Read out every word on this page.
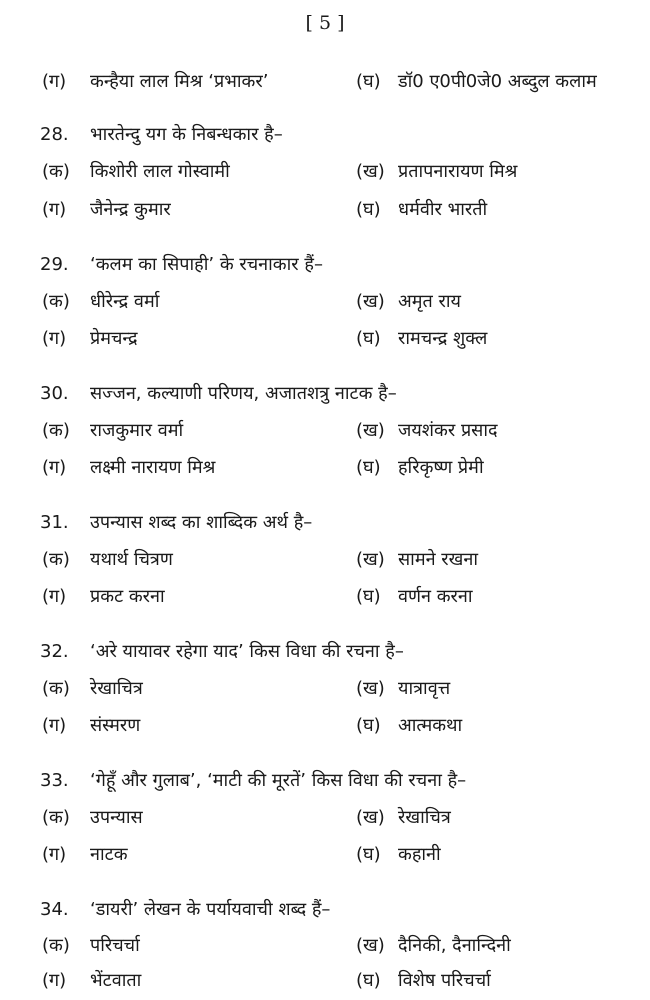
[ 5 ]
(ग) कन्हैया लाल मिश्र ‘प्रभाकर’	(घ) डॉ0 ए0पी0जे0 अब्दुल कलाम
28. भारतेन्दु यग के निबन्धकार है–
(क) किशोरी लाल गोस्वामी	(ख) प्रतापनारायण मिश्र
(ग) जैनेन्द्र कुमार	(घ) धर्मवीर भारती
29. ‘कलम का सिपाही’ के रचनाकार हैं–
(क) धीरेन्द्र वर्मा	(ख) अमृत राय
(ग) प्रेमचन्द्र	(घ) रामचन्द्र शुक्ल
30. सज्जन, कल्याणी परिणय, अजातशत्रु नाटक है–
(क) राजकुमार वर्मा	(ख) जयशंकर प्रसाद
(ग) लक्ष्मी नारायण मिश्र	(घ) हरिकृष्ण प्रेमी
31. उपन्यास शब्द का शाब्दिक अर्थ है–
(क) यथार्थ चित्रण	(ख) सामने रखना
(ग) प्रकट करना	(घ) वर्णन करना
32. ‘अरे यायावर रहेगा याद’ किस विधा की रचना है–
(क) रेखाचित्र	(ख) यात्रावृत्त
(ग) संस्मरण	(घ) आत्मकथा
33. ‘गेहूँ और गुलाब’, ‘माटी की मूरतें’ किस विधा की रचना है–
(क) उपन्यास	(ख) रेखाचित्र
(ग) नाटक	(घ) कहानी
34. ‘डायरी’ लेखन के पर्यायवाची शब्द हैं–
(क) परिचर्चा	(ख) दैनिकी, दैनान्दिनी
(ग) भेंटवाता	(घ) विशेष परिचर्चा
